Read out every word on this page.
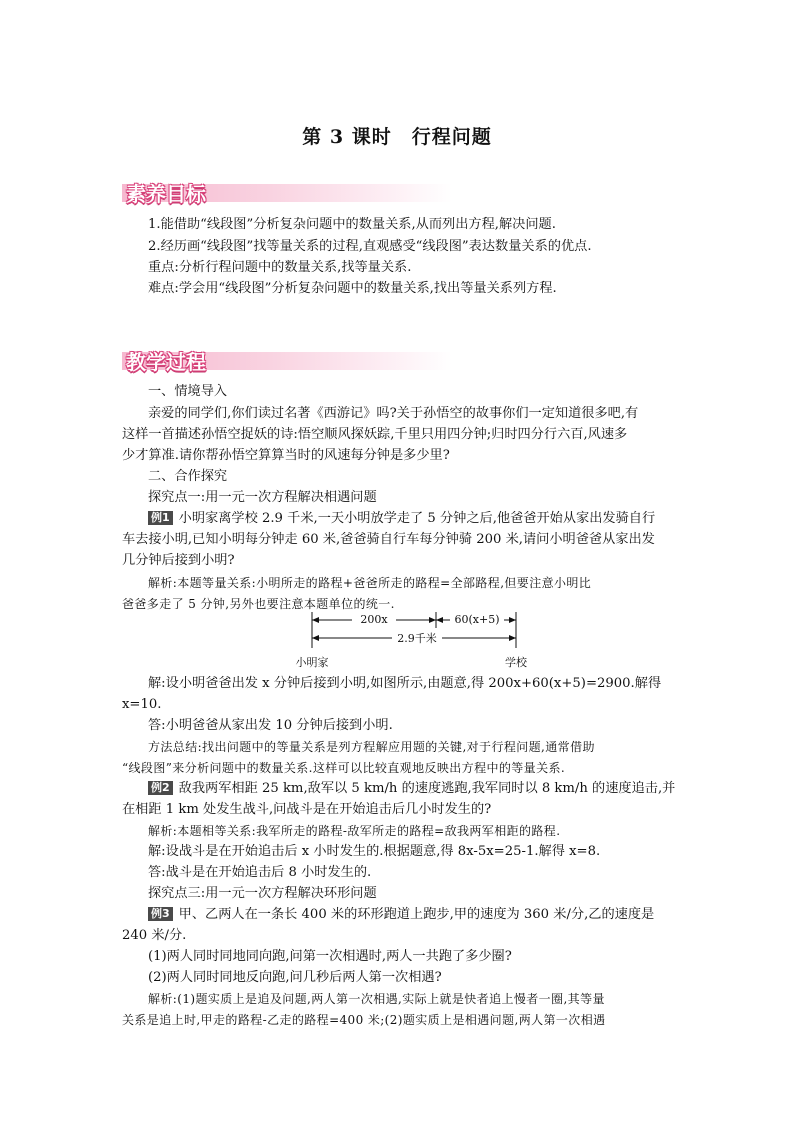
第 3 课时　行程问题
素养目标
1.能借助“线段图”分析复杂问题中的数量关系,从而列出方程,解决问题.
2.经历画“线段图”找等量关系的过程,直观感受“线段图”表达数量关系的优点.
重点:分析行程问题中的数量关系,找等量关系.
难点:学会用“线段图”分析复杂问题中的数量关系,找出等量关系列方程.
教学过程
一、情境导入
亲爱的同学们,你们读过名著《西游记》吗?关于孙悟空的故事你们一定知道很多吧,有
这样一首描述孙悟空捉妖的诗:悟空顺风探妖踪,千里只用四分钟;归时四分行六百,风速多
少才算准.请你帮孙悟空算算当时的风速每分钟是多少里?
二、合作探究
探究点一:用一元一次方程解决相遇问题
例1 小明家离学校 2.9 千米,一天小明放学走了 5 分钟之后,他爸爸开始从家出发骑自行
车去接小明,已知小明每分钟走 60 米,爸爸骑自行车每分钟骑 200 米,请问小明爸爸从家出发
几分钟后接到小明?
解析:本题等量关系:小明所走的路程+爸爸所走的路程=全部路程,但要注意小明比
爸爸多走了 5 分钟,另外也要注意本题单位的统一.
200x	60(x+5)
2.9千米
小明家	学校
解:设小明爸爸出发 x 分钟后接到小明,如图所示,由题意,得 200x+60(x+5)=2900.解得
x=10.
答:小明爸爸从家出发 10 分钟后接到小明.
方法总结:找出问题中的等量关系是列方程解应用题的关键,对于行程问题,通常借助
“线段图”来分析问题中的数量关系.这样可以比较直观地反映出方程中的等量关系.
例2 敌我两军相距 25 km,敌军以 5 km/h 的速度逃跑,我军同时以 8 km/h 的速度追击,并
在相距 1 km 处发生战斗,问战斗是在开始追击后几小时发生的?
解析:本题相等关系:我军所走的路程-敌军所走的路程=敌我两军相距的路程.
解:设战斗是在开始追击后 x 小时发生的.根据题意,得 8x-5x=25-1.解得 x=8.
答:战斗是在开始追击后 8 小时发生的.
探究点三:用一元一次方程解决环形问题
例3 甲、乙两人在一条长 400 米的环形跑道上跑步,甲的速度为 360 米/分,乙的速度是
240 米/分.
(1)两人同时同地同向跑,问第一次相遇时,两人一共跑了多少圈?
(2)两人同时同地反向跑,问几秒后两人第一次相遇?
解析:(1)题实质上是追及问题,两人第一次相遇,实际上就是快者追上慢者一圈,其等量
关系是追上时,甲走的路程-乙走的路程=400 米;(2)题实质上是相遇问题,两人第一次相遇
